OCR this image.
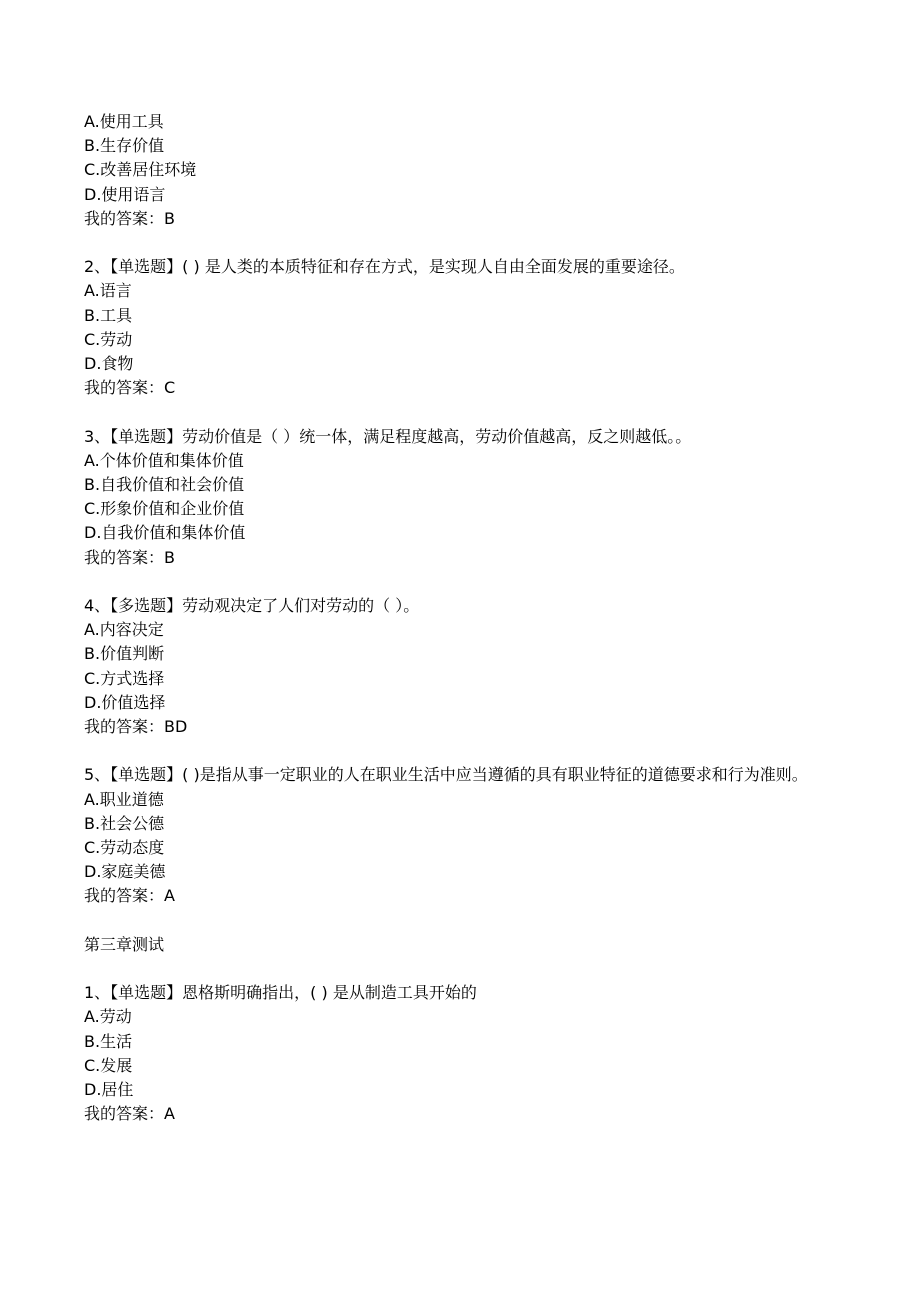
A.使用工具

B.生存价值

C.改善居住环境

D.使用语言

我的答案：B

2、【单选题】( ) 是人类的本质特征和存在方式，是实现人自由全面发展的重要途径。

A.语言

B.工具

C.劳动

D.食物

我的答案：C

3、【单选题】劳动价值是（ ）统一体，满足程度越高，劳动价值越高，反之则越低。。

A.个体价值和集体价值

B.自我价值和社会价值

C.形象价值和企业价值

D.自我价值和集体价值

我的答案：B

4、【多选题】劳动观决定了人们对劳动的（ ）。

A.内容决定

B.价值判断

C.方式选择

D.价值选择

我的答案：BD

5、【单选题】( )是指从事一定职业的人在职业生活中应当遵循的具有职业特征的道德要求和行为准则。

A.职业道德

B.社会公德

C.劳动态度

D.家庭美德

我的答案：A

第三章测试

1、【单选题】恩格斯明确指出，( ) 是从制造工具开始的

A.劳动

B.生活

C.发展

D.居住

我的答案：A
